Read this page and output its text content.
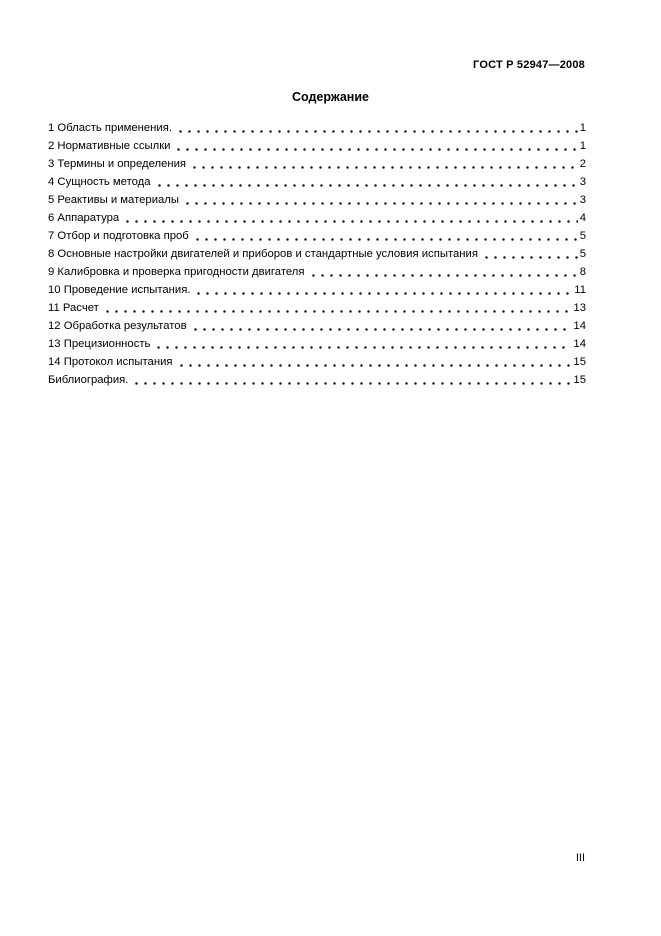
ГОСТ Р 52947—2008
Содержание
1 Область применения.	1
2 Нормативные ссылки	1
3 Термины и определения	2
4 Сущность метода	3
5 Реактивы и материалы	3
6 Аппаратура	4
7 Отбор и подготовка проб	5
8 Основные настройки двигателей и приборов и стандартные условия испытания	5
9 Калибровка и проверка пригодности двигателя	8
10 Проведение испытания.	11
11 Расчет	13
12 Обработка результатов	14
13 Прецизионность	14
14 Протокол испытания	15
Библиография.	15
III
